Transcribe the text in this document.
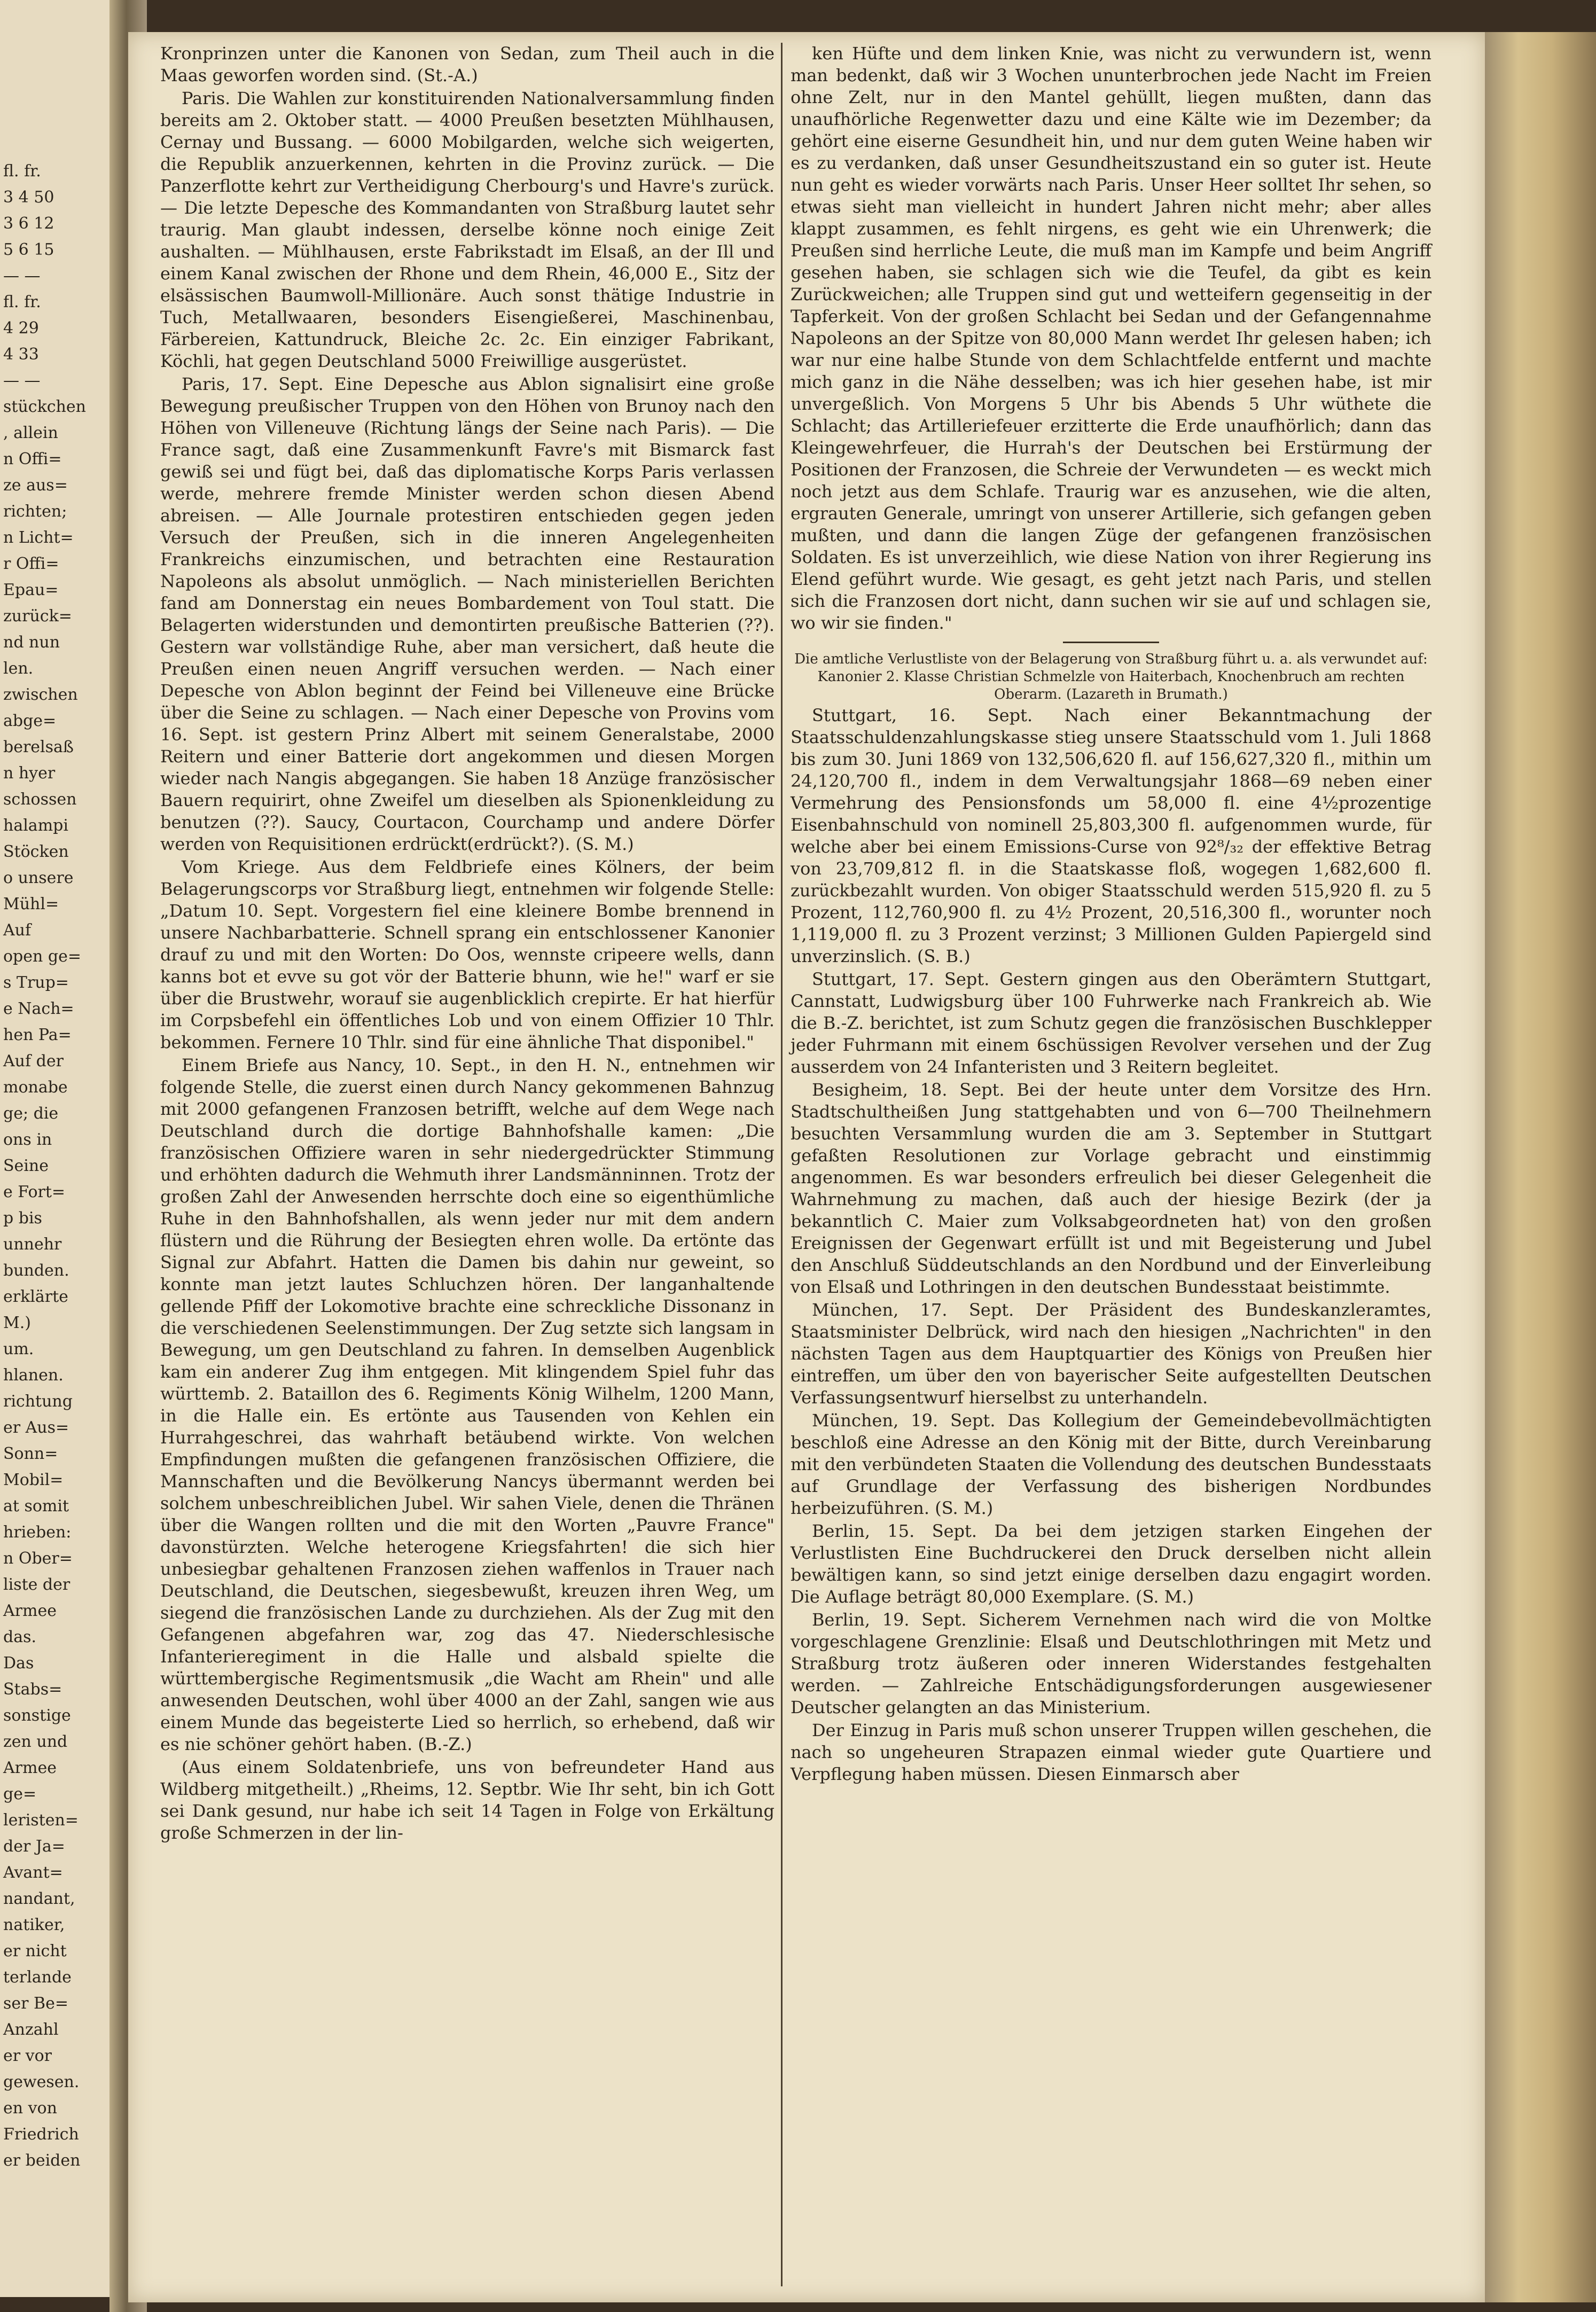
fl. fr.
3 4 50
3 6 12
5 6 15
— —
fl. fr.
4 29
4 33
— —
stückchen
, allein
n Offi=
ze aus=
richten;
n Licht=
r Offi=
Epau=
zurück=
nd nun
len.
zwischen
abge=
berelsaß
n hyer
schossen
halampi
Stöcken
o unsere
Mühl=
Auf
open ge=
s Trup=
e Nach=
hen Pa=
Auf der
monabe
ge; die
ons in
Seine
e Fort=
p bis
unnehr
bunden.
erklärte
M.)
um.
hlanen.
richtung
er Aus=
Sonn=
Mobil=
at somit
hrieben:
n Ober=
liste der
Armee
das.
Das
Stabs=
sonstige
zen und
Armee
ge=
leristen=
der Ja=
Avant=
nandant,
natiker,
er nicht
terlande
ser Be=
Anzahl
er vor
gewesen.
en von
Friedrich
er beiden

Kronprinzen unter die Kanonen von Sedan, zum Theil auch in die Maas geworfen worden sind. (St.-A.)

Paris. Die Wahlen zur konstituirenden Nationalversammlung finden bereits am 2. Oktober statt. — 4000 Preußen besetzten Mühlhausen, Cernay und Bussang. — 6000 Mobilgarden, welche sich weigerten, die Republik anzuerkennen, kehrten in die Provinz zurück. — Die Panzerflotte kehrt zur Vertheidigung Cherbourg's und Havre's zurück. — Die letzte Depesche des Kommandanten von Straßburg lautet sehr traurig. Man glaubt indessen, derselbe könne noch einige Zeit aushalten. — Mühlhausen, erste Fabrikstadt im Elsaß, an der Ill und einem Kanal zwischen der Rhone und dem Rhein, 46,000 E., Sitz der elsässischen Baumwoll-Millionäre. Auch sonst thätige Industrie in Tuch, Metallwaaren, besonders Eisengießerei, Maschinenbau, Färbereien, Kattundruck, Bleiche 2c. 2c. Ein einziger Fabrikant, Köchli, hat gegen Deutschland 5000 Freiwillige ausgerüstet.

Paris, 17. Sept. Eine Depesche aus Ablon signalisirt eine große Bewegung preußischer Truppen von den Höhen von Brunoy nach den Höhen von Villeneuve (Richtung längs der Seine nach Paris). — Die France sagt, daß eine Zusammenkunft Favre's mit Bismarck fast gewiß sei und fügt bei, daß das diplomatische Korps Paris verlassen werde, mehrere fremde Minister werden schon diesen Abend abreisen. — Alle Journale protestiren entschieden gegen jeden Versuch der Preußen, sich in die inneren Angelegenheiten Frankreichs einzumischen, und betrachten eine Restauration Napoleons als absolut unmöglich. — Nach ministeriellen Berichten fand am Donnerstag ein neues Bombardement von Toul statt. Die Belagerten widerstunden und demontirten preußische Batterien (??). Gestern war vollständige Ruhe, aber man versichert, daß heute die Preußen einen neuen Angriff versuchen werden. — Nach einer Depesche von Ablon beginnt der Feind bei Villeneuve eine Brücke über die Seine zu schlagen. — Nach einer Depesche von Provins vom 16. Sept. ist gestern Prinz Albert mit seinem Generalstabe, 2000 Reitern und einer Batterie dort angekommen und diesen Morgen wieder nach Nangis abgegangen. Sie haben 18 Anzüge französischer Bauern requirirt, ohne Zweifel um dieselben als Spionenkleidung zu benutzen (??). Saucy, Courtacon, Courchamp und andere Dörfer werden von Requisitionen erdrückt(erdrückt?). (S. M.)

Vom Kriege. Aus dem Feldbriefe eines Kölners, der beim Belagerungscorps vor Straßburg liegt, entnehmen wir folgende Stelle: „Datum 10. Sept. Vorgestern fiel eine kleinere Bombe brennend in unsere Nachbarbatterie. Schnell sprang ein entschlossener Kanonier drauf zu und mit den Worten: Do Oos, wennste cripeere wells, dann kanns bot et evve su got vör der Batterie bhunn, wie he!" warf er sie über die Brustwehr, worauf sie augenblicklich crepirte. Er hat hierfür im Corpsbefehl ein öffentliches Lob und von einem Offizier 10 Thlr. bekommen. Fernere 10 Thlr. sind für eine ähnliche That disponibel."

Einem Briefe aus Nancy, 10. Sept., in den H. N., entnehmen wir folgende Stelle, die zuerst einen durch Nancy gekommenen Bahnzug mit 2000 gefangenen Franzosen betrifft, welche auf dem Wege nach Deutschland durch die dortige Bahnhofshalle kamen: „Die französischen Offiziere waren in sehr niedergedrückter Stimmung und erhöhten dadurch die Wehmuth ihrer Landsmänninnen. Trotz der großen Zahl der Anwesenden herrschte doch eine so eigenthümliche Ruhe in den Bahnhofshallen, als wenn jeder nur mit dem andern flüstern und die Rührung der Besiegten ehren wolle. Da ertönte das Signal zur Abfahrt. Hatten die Damen bis dahin nur geweint, so konnte man jetzt lautes Schluchzen hören. Der langanhaltende gellende Pfiff der Lokomotive brachte eine schreckliche Dissonanz in die verschiedenen Seelenstimmungen. Der Zug setzte sich langsam in Bewegung, um gen Deutschland zu fahren. In demselben Augenblick kam ein anderer Zug ihm entgegen. Mit klingendem Spiel fuhr das württemb. 2. Bataillon des 6. Regiments König Wilhelm, 1200 Mann, in die Halle ein. Es ertönte aus Tausenden von Kehlen ein Hurrahgeschrei, das wahrhaft betäubend wirkte. Von welchen Empfindungen mußten die gefangenen französischen Offiziere, die Mannschaften und die Bevölkerung Nancys übermannt werden bei solchem unbeschreiblichen Jubel. Wir sahen Viele, denen die Thränen über die Wangen rollten und die mit den Worten „Pauvre France" davonstürzten. Welche heterogene Kriegsfahrten! die sich hier unbesiegbar gehaltenen Franzosen ziehen waffenlos in Trauer nach Deutschland, die Deutschen, siegesbewußt, kreuzen ihren Weg, um siegend die französischen Lande zu durchziehen. Als der Zug mit den Gefangenen abgefahren war, zog das 47. Niederschlesische Infanterieregiment in die Halle und alsbald spielte die württembergische Regimentsmusik „die Wacht am Rhein" und alle anwesenden Deutschen, wohl über 4000 an der Zahl, sangen wie aus einem Munde das begeisterte Lied so herrlich, so erhebend, daß wir es nie schöner gehört haben. (B.-Z.)

(Aus einem Soldatenbriefe, uns von befreundeter Hand aus Wildberg mitgetheilt.) „Rheims, 12. Septbr. Wie Ihr seht, bin ich Gott sei Dank gesund, nur habe ich seit 14 Tagen in Folge von Erkältung große Schmerzen in der lin-

ken Hüfte und dem linken Knie, was nicht zu verwundern ist, wenn man bedenkt, daß wir 3 Wochen ununterbrochen jede Nacht im Freien ohne Zelt, nur in den Mantel gehüllt, liegen mußten, dann das unaufhörliche Regenwetter dazu und eine Kälte wie im Dezember; da gehört eine eiserne Gesundheit hin, und nur dem guten Weine haben wir es zu verdanken, daß unser Gesundheitszustand ein so guter ist. Heute nun geht es wieder vorwärts nach Paris. Unser Heer solltet Ihr sehen, so etwas sieht man vielleicht in hundert Jahren nicht mehr; aber alles klappt zusammen, es fehlt nirgens, es geht wie ein Uhrenwerk; die Preußen sind herrliche Leute, die muß man im Kampfe und beim Angriff gesehen haben, sie schlagen sich wie die Teufel, da gibt es kein Zurückweichen; alle Truppen sind gut und wetteifern gegenseitig in der Tapferkeit. Von der großen Schlacht bei Sedan und der Gefangennahme Napoleons an der Spitze von 80,000 Mann werdet Ihr gelesen haben; ich war nur eine halbe Stunde von dem Schlachtfelde entfernt und machte mich ganz in die Nähe desselben; was ich hier gesehen habe, ist mir unvergeßlich. Von Morgens 5 Uhr bis Abends 5 Uhr wüthete die Schlacht; das Artilleriefeuer erzitterte die Erde unaufhörlich; dann das Kleingewehrfeuer, die Hurrah's der Deutschen bei Erstürmung der Positionen der Franzosen, die Schreie der Verwundeten — es weckt mich noch jetzt aus dem Schlafe. Traurig war es anzusehen, wie die alten, ergrauten Generale, umringt von unserer Artillerie, sich gefangen geben mußten, und dann die langen Züge der gefangenen französischen Soldaten. Es ist unverzeihlich, wie diese Nation von ihrer Regierung ins Elend geführt wurde. Wie gesagt, es geht jetzt nach Paris, und stellen sich die Franzosen dort nicht, dann suchen wir sie auf und schlagen sie, wo wir sie finden."

Die amtliche Verlustliste von der Belagerung von Straßburg führt u. a. als verwundet auf: Kanonier 2. Klasse Christian Schmelzle von Haiterbach, Knochenbruch am rechten Oberarm. (Lazareth in Brumath.)

Stuttgart, 16. Sept. Nach einer Bekanntmachung der Staatsschuldenzahlungskasse stieg unsere Staatsschuld vom 1. Juli 1868 bis zum 30. Juni 1869 von 132,506,620 fl. auf 156,627,320 fl., mithin um 24,120,700 fl., indem in dem Verwaltungsjahr 1868—69 neben einer Vermehrung des Pensionsfonds um 58,000 fl. eine 4½prozentige Eisenbahnschuld von nominell 25,803,300 fl. aufgenommen wurde, für welche aber bei einem Emissions-Curse von 92⁸/₃₂ der effektive Betrag von 23,709,812 fl. in die Staatskasse floß, wogegen 1,682,600 fl. zurückbezahlt wurden. Von obiger Staatsschuld werden 515,920 fl. zu 5 Prozent, 112,760,900 fl. zu 4½ Prozent, 20,516,300 fl., worunter noch 1,119,000 fl. zu 3 Prozent verzinst; 3 Millionen Gulden Papiergeld sind unverzinslich. (S. B.)

Stuttgart, 17. Sept. Gestern gingen aus den Oberämtern Stuttgart, Cannstatt, Ludwigsburg über 100 Fuhrwerke nach Frankreich ab. Wie die B.-Z. berichtet, ist zum Schutz gegen die französischen Buschklepper jeder Fuhrmann mit einem 6schüssigen Revolver versehen und der Zug ausserdem von 24 Infanteristen und 3 Reitern begleitet.

Besigheim, 18. Sept. Bei der heute unter dem Vorsitze des Hrn. Stadtschultheißen Jung stattgehabten und von 6—700 Theilnehmern besuchten Versammlung wurden die am 3. September in Stuttgart gefaßten Resolutionen zur Vorlage gebracht und einstimmig angenommen. Es war besonders erfreulich bei dieser Gelegenheit die Wahrnehmung zu machen, daß auch der hiesige Bezirk (der ja bekanntlich C. Maier zum Volksabgeordneten hat) von den großen Ereignissen der Gegenwart erfüllt ist und mit Begeisterung und Jubel den Anschluß Süddeutschlands an den Nordbund und der Einverleibung von Elsaß und Lothringen in den deutschen Bundesstaat beistimmte.

München, 17. Sept. Der Präsident des Bundeskanzleramtes, Staatsminister Delbrück, wird nach den hiesigen „Nachrichten" in den nächsten Tagen aus dem Hauptquartier des Königs von Preußen hier eintreffen, um über den von bayerischer Seite aufgestellten Deutschen Verfassungsentwurf hierselbst zu unterhandeln.

München, 19. Sept. Das Kollegium der Gemeindebevollmächtigten beschloß eine Adresse an den König mit der Bitte, durch Vereinbarung mit den verbündeten Staaten die Vollendung des deutschen Bundesstaats auf Grundlage der Verfassung des bisherigen Nordbundes herbeizuführen. (S. M.)

Berlin, 15. Sept. Da bei dem jetzigen starken Eingehen der Verlustlisten Eine Buchdruckerei den Druck derselben nicht allein bewältigen kann, so sind jetzt einige derselben dazu engagirt worden. Die Auflage beträgt 80,000 Exemplare. (S. M.)

Berlin, 19. Sept. Sicherem Vernehmen nach wird die von Moltke vorgeschlagene Grenzlinie: Elsaß und Deutschlothringen mit Metz und Straßburg trotz äußeren oder inneren Widerstandes festgehalten werden. — Zahlreiche Entschädigungsforderungen ausgewiesener Deutscher gelangten an das Ministerium.

Der Einzug in Paris muß schon unserer Truppen willen geschehen, die nach so ungeheuren Strapazen einmal wieder gute Quartiere und Verpflegung haben müssen. Diesen Einmarsch aber
